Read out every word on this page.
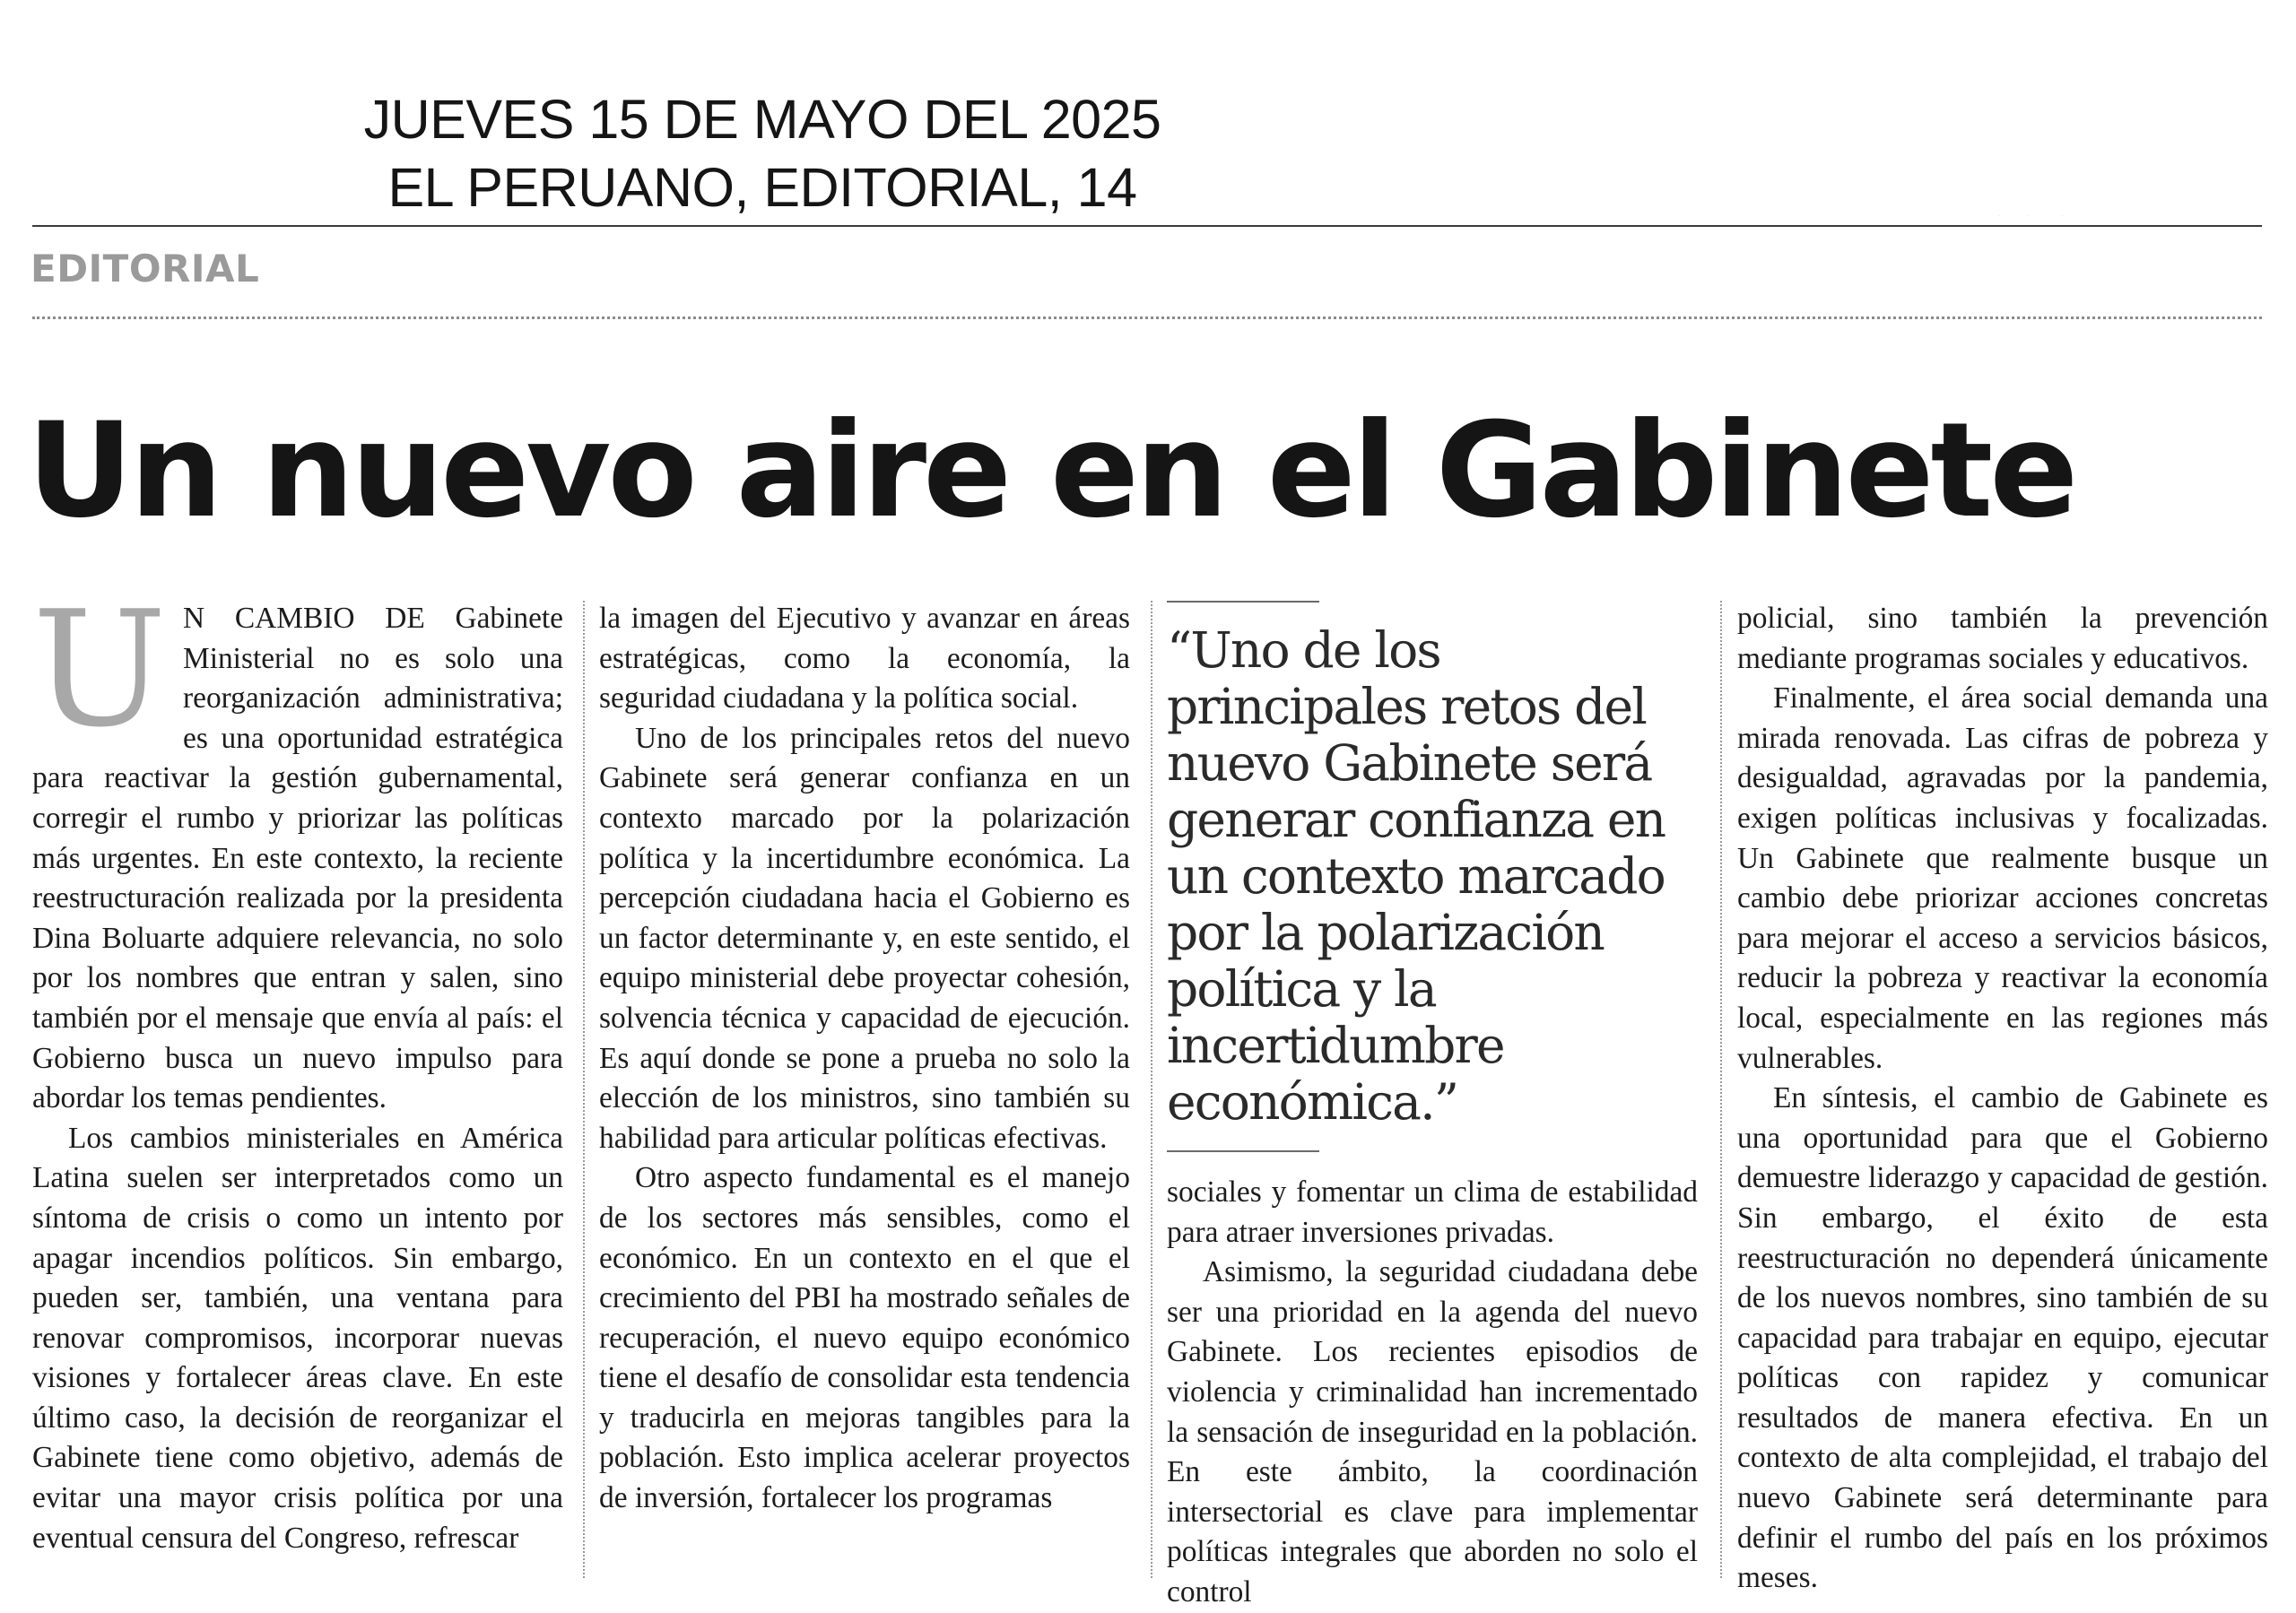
JUEVES 15 DE MAYO DEL 2025
EL PERUANO, EDITORIAL, 14	·                  ·                      ·
EDITORIAL
Un nuevo aire en el Gabinete

U N CAMBIO DE Gabinete Ministerial no es solo una reorganización administrativa; es una oportunidad estratégica para reactivar la gestión gubernamental, corregir el rumbo y priorizar las políticas más urgentes. En este contexto, la reciente reestructuración realizada por la presidenta Dina Boluarte adquiere relevancia, no solo por los nombres que entran y salen, sino también por el mensaje que envía al país: el Gobierno busca un nuevo impulso para abordar los temas pendientes.

Los cambios ministeriales en América Latina suelen ser interpretados como un síntoma de crisis o como un intento por apagar incendios políticos. Sin embargo, pueden ser, también, una ventana para renovar compromisos, incorporar nuevas visiones y fortalecer áreas clave. En este último caso, la decisión de reorganizar el Gabinete tiene como objetivo, además de evitar una mayor crisis política por una eventual censura del Congreso, refrescar

la imagen del Ejecutivo y avanzar en áreas estratégicas, como la economía, la seguridad ciudadana y la política social.

Uno de los principales retos del nuevo Gabinete será generar confianza en un contexto marcado por la polarización política y la incertidumbre económica. La percepción ciudadana hacia el Gobierno es un factor determinante y, en este sentido, el equipo ministerial debe proyectar cohesión, solvencia técnica y capacidad de ejecución. Es aquí donde se pone a prueba no solo la elección de los ministros, sino también su habilidad para articular políticas efectivas.

Otro aspecto fundamental es el manejo de los sectores más sensibles, como el económico. En un contexto en el que el crecimiento del PBI ha mostrado señales de recuperación, el nuevo equipo económico tiene el desafío de consolidar esta tendencia y traducirla en mejoras tangibles para la población. Esto implica acelerar proyectos de inversión, fortalecer los programas

“Uno de los principales retos del nuevo Gabinete será generar confianza en un contexto marcado por la polarización política y la incertidumbre económica.”

sociales y fomentar un clima de estabilidad para atraer inversiones privadas.

Asimismo, la seguridad ciudadana debe ser una prioridad en la agenda del nuevo Gabinete. Los recientes episodios de violencia y criminalidad han incrementado la sensación de inseguridad en la población. En este ámbito, la coordinación intersectorial es clave para implementar políticas integrales que aborden no solo el control

policial, sino también la prevención mediante programas sociales y educativos.

Finalmente, el área social demanda una mirada renovada. Las cifras de pobreza y desigualdad, agravadas por la pandemia, exigen políticas inclusivas y focalizadas. Un Gabinete que realmente busque un cambio debe priorizar acciones concretas para mejorar el acceso a servicios básicos, reducir la pobreza y reactivar la economía local, especialmente en las regiones más vulnerables.

En síntesis, el cambio de Gabinete es una oportunidad para que el Gobierno demuestre liderazgo y capacidad de gestión. Sin embargo, el éxito de esta reestructuración no dependerá únicamente de los nuevos nombres, sino también de su capacidad para trabajar en equipo, ejecutar políticas con rapidez y comunicar resultados de manera efectiva. En un contexto de alta complejidad, el trabajo del nuevo Gabinete será determinante para definir el rumbo del país en los próximos meses.
